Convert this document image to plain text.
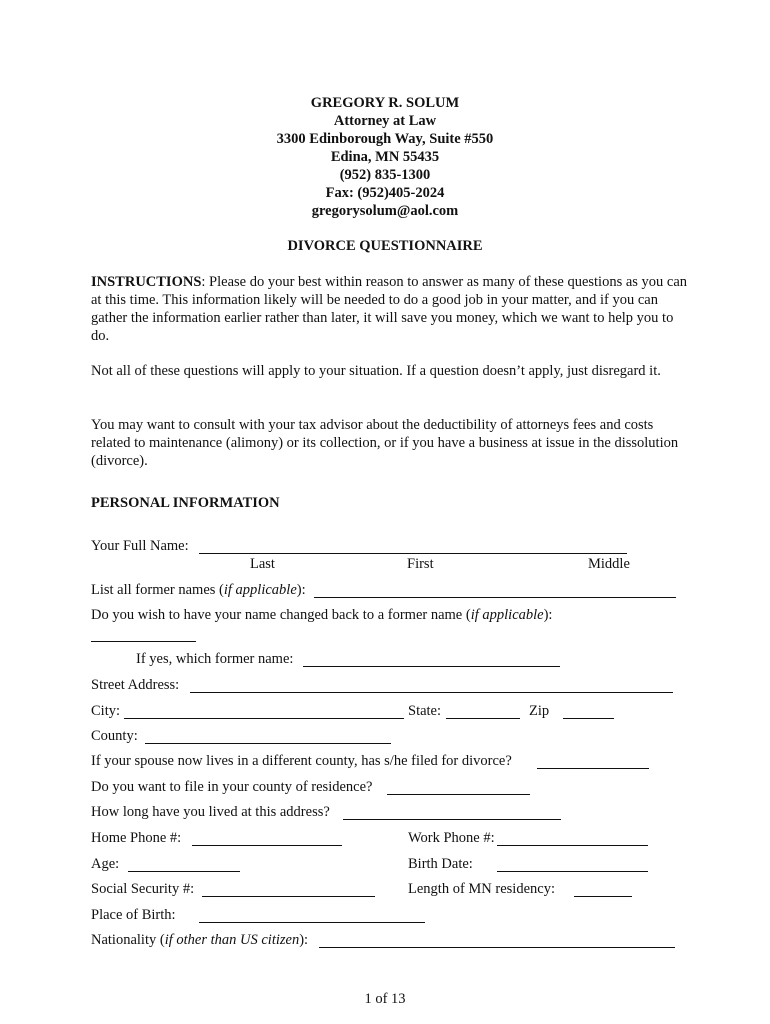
GREGORY R. SOLUM
Attorney at Law
3300 Edinborough Way, Suite #550
Edina, MN 55435
(952) 835-1300
Fax: (952)405-2024
gregorysolum@aol.com
DIVORCE QUESTIONNAIRE
INSTRUCTIONS: Please do your best within reason to answer as many of these questions as you can at this time. This information likely will be needed to do a good job in your matter, and if you can gather the information earlier rather than later, it will save you money, which we want to help you to do.
Not all of these questions will apply to your situation. If a question doesn’t apply, just disregard it.
You may want to consult with your tax advisor about the deductibility of attorneys fees and costs related to maintenance (alimony) or its collection, or if you have a business at issue in the dissolution (divorce).
PERSONAL INFORMATION
Your Full Name:
Last	First	Middle
List all former names (if applicable):
Do you wish to have your name changed back to a former name (if applicable):
If yes, which former name:
Street Address:
City:	State:	Zip
County:
If your spouse now lives in a different county, has s/he filed for divorce?
Do you want to file in your county of residence?
How long have you lived at this address?
Home Phone #:	Work Phone #:
Age:	Birth Date:
Social Security #:	Length of MN residency:
Place of Birth:
Nationality (if other than US citizen):
1 of 13
